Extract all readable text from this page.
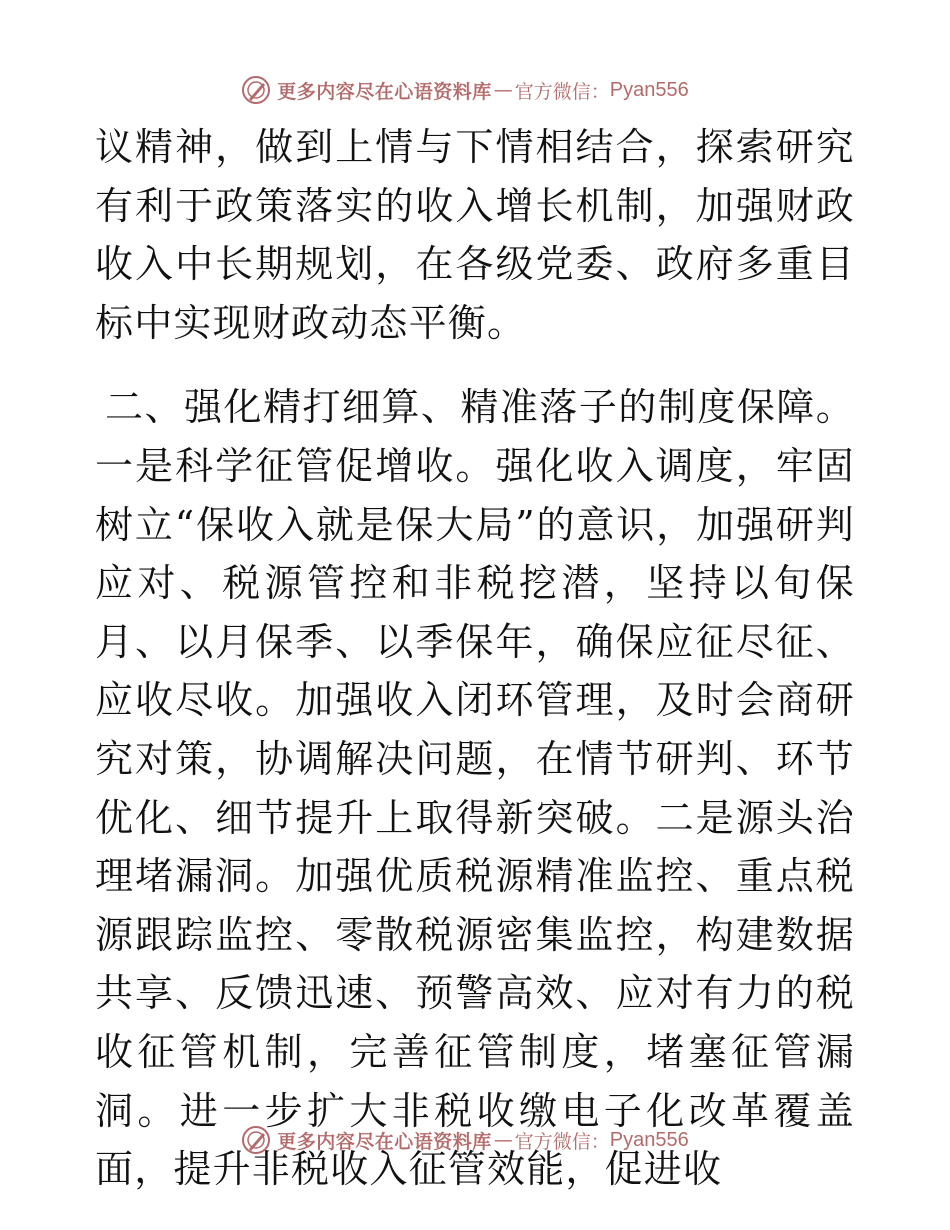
更多内容尽在心语资料库 — 官方微信： Pyan556

议精神，做到上情与下情相结合，探索研究有利于政策落实的收入增长机制，加强财政收入中长期规划，在各级党委、政府多重目标中实现财政动态平衡。

二、强化精打细算、精准落子的制度保障。一是科学征管促增收。强化收入调度，牢固树立“保收入就是保大局”的意识，加强研判应对、税源管控和非税挖潜，坚持以旬保月、以月保季、以季保年，确保应征尽征、应收尽收。加强收入闭环管理，及时会商研究对策，协调解决问题，在情节研判、环节优化、细节提升上取得新突破。二是源头治理堵漏洞。加强优质税源精准监控、重点税源跟踪监控、零散税源密集监控，构建数据共享、反馈迅速、预警高效、应对有力的税收征管机制，完善征管制度，堵塞征管漏洞。进一步扩大非税收缴电子化改革覆盖面，提升非税收入征管效能，促进收

更多内容尽在心语资料库 — 官方微信： Pyan556
